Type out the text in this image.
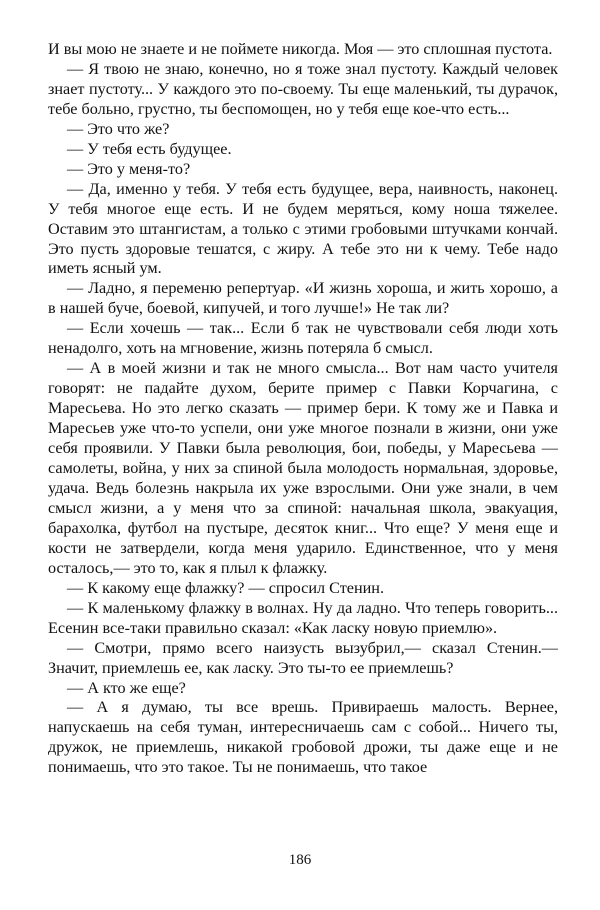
И вы мою не знаете и не поймете никогда. Моя — это сплошная пустота.

— Я твою не знаю, конечно, но я тоже знал пустоту. Каждый человек знает пустоту... У каждого это по-своему. Ты еще маленький, ты дурачок, тебе больно, грустно, ты беспомощен, но у тебя еще кое-что есть...

— Это что же?

— У тебя есть будущее.

— Это у меня-то?

— Да, именно у тебя. У тебя есть будущее, вера, наивность, наконец. У тебя многое еще есть. И не будем меряться, кому ноша тяжелее. Оставим это штангистам, а только с этими гробовыми штучками кончай. Это пусть здоровые тешатся, с жиру. А тебе это ни к чему. Тебе надо иметь ясный ум.

— Ладно, я переменю репертуар. «И жизнь хороша, и жить хорошо, а в нашей буче, боевой, кипучей, и того лучше!» Не так ли?

— Если хочешь — так... Если б так не чувствовали себя люди хоть ненадолго, хоть на мгновение, жизнь потеряла б смысл.

— А в моей жизни и так не много смысла... Вот нам часто учителя говорят: не падайте духом, берите пример с Павки Корчагина, с Маресьева. Но это легко сказать — пример бери. К тому же и Павка и Маресьев уже что-то успели, они уже многое познали в жизни, они уже себя проявили. У Павки была революция, бои, победы, у Маресьева — самолеты, война, у них за спиной была молодость нормальная, здоровье, удача. Ведь болезнь накрыла их уже взрослыми. Они уже знали, в чем смысл жизни, а у меня что за спиной: начальная школа, эвакуация, барахолка, футбол на пустыре, десяток книг... Что еще? У меня еще и кости не затвердели, когда меня ударило. Единственное, что у меня осталось,— это то, как я плыл к флажку.

— К какому еще флажку? — спросил Стенин.

— К маленькому флажку в волнах. Ну да ладно. Что теперь говорить... Есенин все-таки правильно сказал: «Как ласку новую приемлю».

— Смотри, прямо всего наизусть вызубрил,— сказал Стенин.— Значит, приемлешь ее, как ласку. Это ты-то ее приемлешь?

— А кто же еще?

— А я думаю, ты все врешь. Привираешь малость. Вернее, напускаешь на себя туман, интересничаешь сам с собой... Ничего ты, дружок, не приемлешь, никакой гробовой дрожи, ты даже еще и не понимаешь, что это такое. Ты не понимаешь, что такое

186
